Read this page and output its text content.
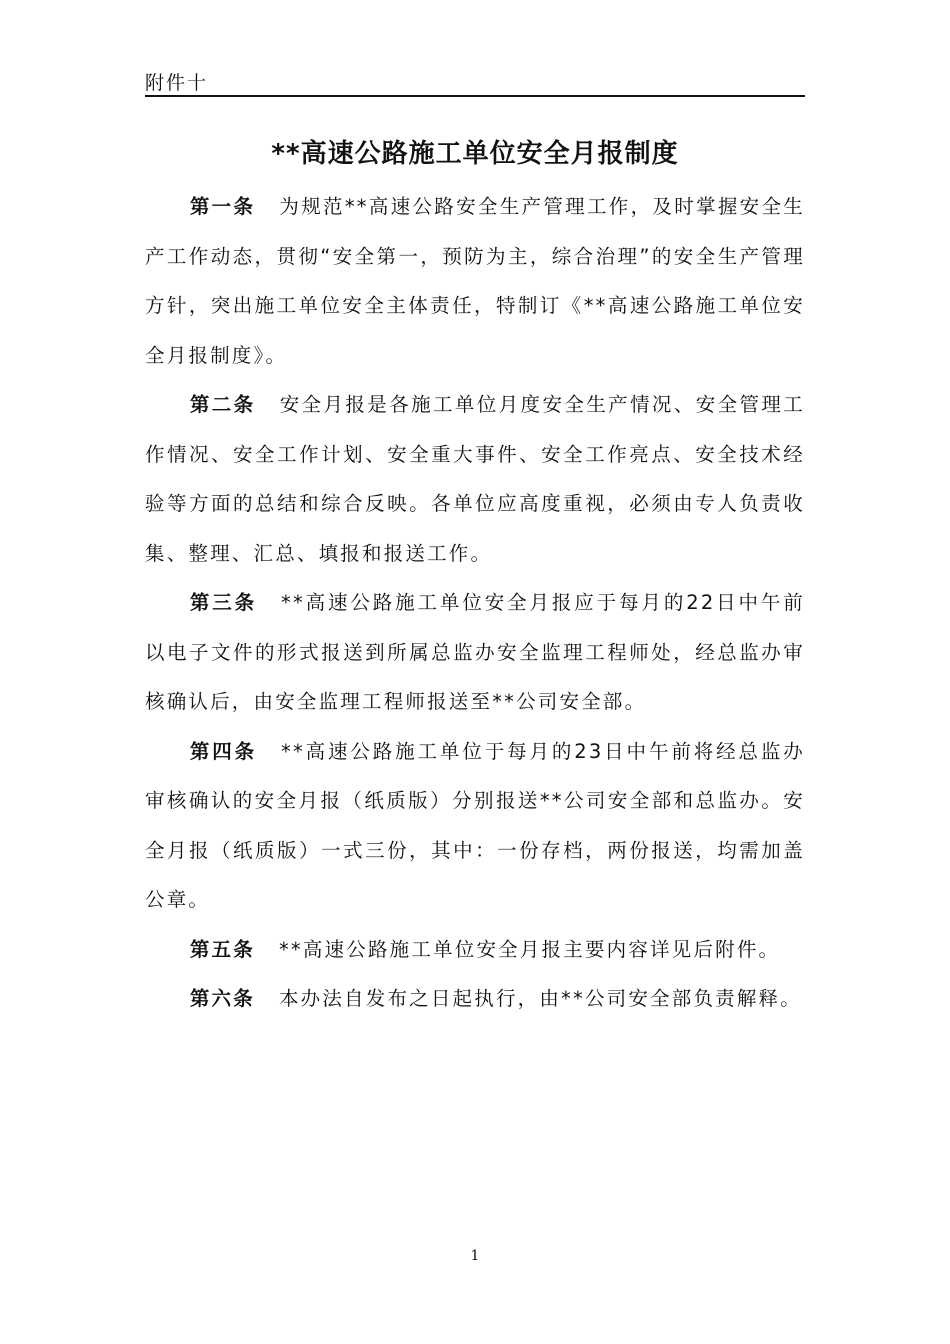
附件十
**高速公路施工单位安全月报制度

第一条 为规范**高速公路安全生产管理工作，及时掌握安全生产工作动态，贯彻“安全第一，预防为主，综合治理”的安全生产管理方针，突出施工单位安全主体责任，特制订《**高速公路施工单位安全月报制度》。

第二条 安全月报是各施工单位月度安全生产情况、安全管理工作情况、安全工作计划、安全重大事件、安全工作亮点、安全技术经验等方面的总结和综合反映。各单位应高度重视，必须由专人负责收集、整理、汇总、填报和报送工作。

第三条 **高速公路施工单位安全月报应于每月的22日中午前以电子文件的形式报送到所属总监办安全监理工程师处，经总监办审核确认后，由安全监理工程师报送至**公司安全部。

第四条 **高速公路施工单位于每月的23日中午前将经总监办审核确认的安全月报（纸质版）分别报送**公司安全部和总监办。安全月报（纸质版）一式三份，其中：一份存档，两份报送，均需加盖公章。

第五条 **高速公路施工单位安全月报主要内容详见后附件。

第六条 本办法自发布之日起执行，由**公司安全部负责解释。

1
